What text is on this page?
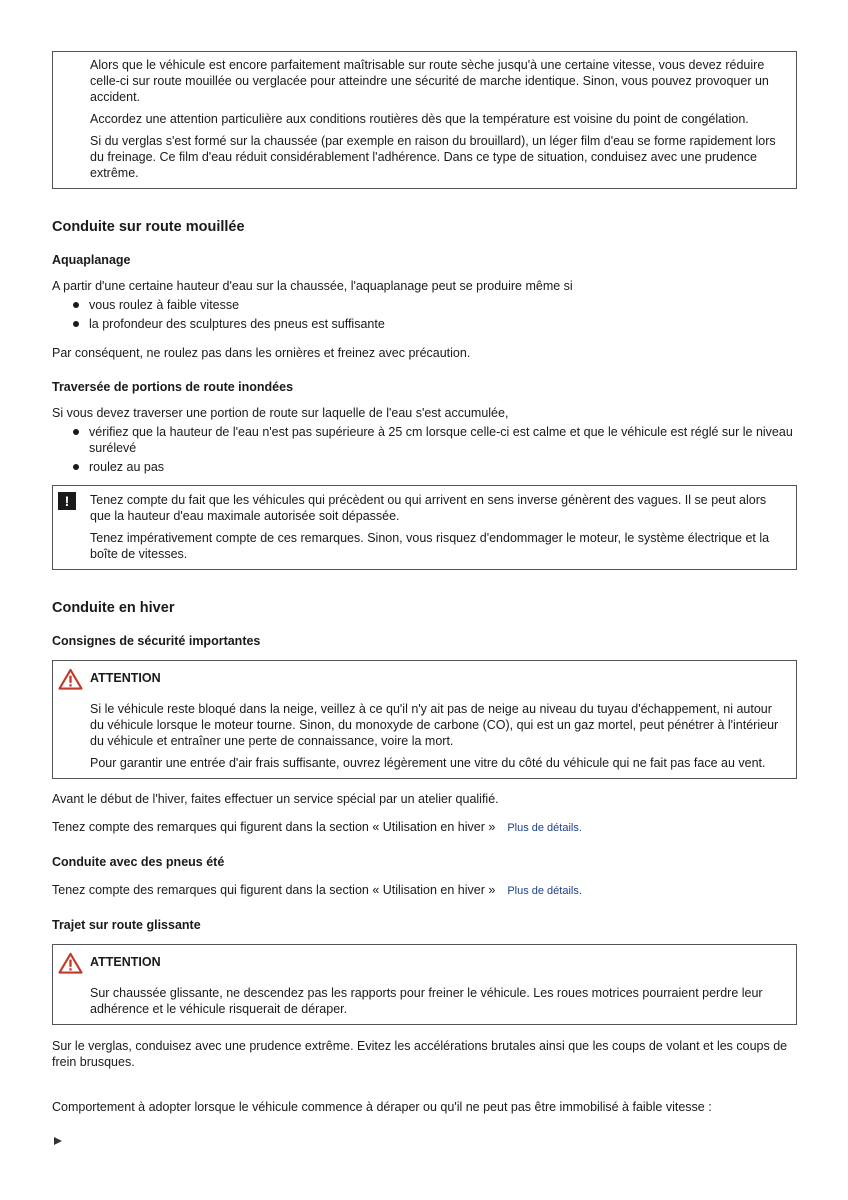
Alors que le véhicule est encore parfaitement maîtrisable sur route sèche jusqu'à une certaine vitesse, vous devez réduire celle-ci sur route mouillée ou verglacée pour atteindre une sécurité de marche identique. Sinon, vous pouvez provoquer un accident.

Accordez une attention particulière aux conditions routières dès que la température est voisine du point de congélation.

Si du verglas s'est formé sur la chaussée (par exemple en raison du brouillard), un léger film d'eau se forme rapidement lors du freinage. Ce film d'eau réduit considérablement l'adhérence. Dans ce type de situation, conduisez avec une prudence extrême.

Conduite sur route mouillée
Aquaplanage

A partir d'une certaine hauteur d'eau sur la chaussée, l'aquaplanage peut se produire même si

vous roulez à faible vitesse
la profondeur des sculptures des pneus est suffisante

Par conséquent, ne roulez pas dans les ornières et freinez avec précaution.

Traversée de portions de route inondées

Si vous devez traverser une portion de route sur laquelle de l'eau s'est accumulée,

vérifiez que la hauteur de l'eau n'est pas supérieure à 25 cm lorsque celle-ci est calme et que le véhicule est réglé sur le niveau surélevé
roulez au pas
!	Tenez compte du fait que les véhicules qui précèdent ou qui arrivent en sens inverse génèrent des vagues. Il se peut alors que la hauteur d'eau maximale autorisée soit dépassée.

Tenez impérativement compte de ces remarques. Sinon, vous risquez d'endommager le moteur, le système électrique et la boîte de vitesses.

Conduite en hiver
Consignes de sécurité importantes

ATTENTION

Si le véhicule reste bloqué dans la neige, veillez à ce qu'il n'y ait pas de neige au niveau du tuyau d'échappement, ni autour du véhicule lorsque le moteur tourne. Sinon, du monoxyde de carbone (CO), qui est un gaz mortel, peut pénétrer à l'intérieur du véhicule et entraîner une perte de connaissance, voire la mort.

Pour garantir une entrée d'air frais suffisante, ouvrez légèrement une vitre du côté du véhicule qui ne fait pas face au vent.

Avant le début de l'hiver, faites effectuer un service spécial par un atelier qualifié.

Tenez compte des remarques qui figurent dans la section « Utilisation en hiver » Plus de détails.

Conduite avec des pneus été

Tenez compte des remarques qui figurent dans la section « Utilisation en hiver » Plus de détails.

Trajet sur route glissante

ATTENTION

Sur chaussée glissante, ne descendez pas les rapports pour freiner le véhicule. Les roues motrices pourraient perdre leur adhérence et le véhicule risquerait de déraper.

Sur le verglas, conduisez avec une prudence extrême. Evitez les accélérations brutales ainsi que les coups de volant et les coups de frein brusques.

Comportement à adopter lorsque le véhicule commence à déraper ou qu'il ne peut pas être immobilisé à faible vitesse :
